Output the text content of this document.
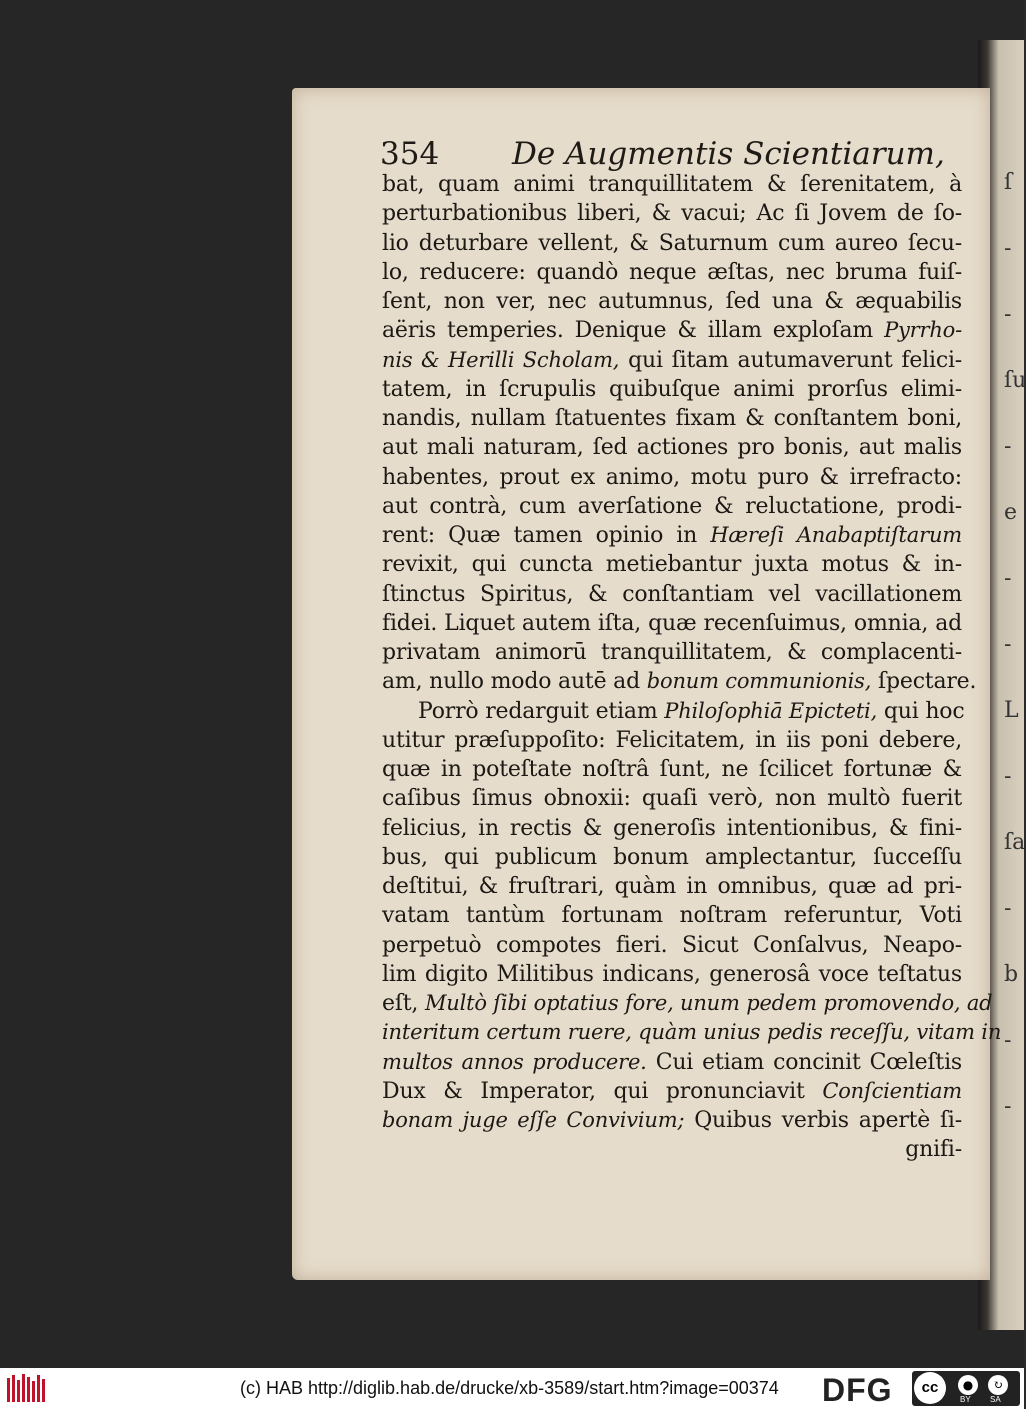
ſ
-
-
ſu
-
e
-
-
L
-
ſa
-
b
-
-
354 De Augmentis Scientiarum,
bat, quam animi tranquillitatem & ſerenitatem, à
perturbationibus liberi, & vacui; Ac ſi Jovem de ſo-
lio deturbare vellent, & Saturnum cum aureo ſecu-
lo, reducere: quandò neque æſtas, nec bruma fuiſ-
ſent, non ver, nec autumnus, ſed una & æquabilis
aëris temperies. Denique & illam exploſam Pyrrho-
nis & Herilli Scholam, qui ſitam autumaverunt felici-
tatem, in ſcrupulis quibuſque animi prorſus elimi-
nandis, nullam ſtatuentes fixam & conſtantem boni,
aut mali naturam, ſed actiones pro bonis, aut malis
habentes, prout ex animo, motu puro & irrefracto:
aut contrà, cum averſatione & reluctatione, prodi-
rent: Quæ tamen opinio in Hæreſi Anabaptiſtarum
revixit, qui cuncta metiebantur juxta motus & in-
ſtinctus Spiritus, & conſtantiam vel vacillationem
fidei. Liquet autem iſta, quæ recenſuimus, omnia, ad
privatam animorū tranquillitatem, & complacenti-
am, nullo modo autē ad bonum communionis, ſpectare.
Porrò redarguit etiam Philoſophiā Epicteti, qui hoc
utitur præſuppoſito: Felicitatem, in iis poni debere,
quæ in poteſtate noſtrâ ſunt, ne ſcilicet fortunæ &
caſibus ſimus obnoxii: quaſi verò, non multò fuerit
felicius, in rectis & generoſis intentionibus, & fini-
bus, qui publicum bonum amplectantur, ſucceſſu
deſtitui, & fruſtrari, quàm in omnibus, quæ ad pri-
vatam tantùm fortunam noſtram referuntur, Voti
perpetuò compotes fieri. Sicut Conſalvus, Neapo-
lim digito Militibus indicans, generosâ voce teſtatus
eſt, Multò ſibi optatius fore, unum pedem promovendo, ad
interitum certum ruere, quàm unius pedis receſſu, vitam in
multos annos producere. Cui etiam concinit Cœleſtis
Dux & Imperator, qui pronunciavit Conſcientiam
bonam juge eſſe Convivium; Quibus verbis apertè ſi-
gnifi-
(c) HAB http://diglib.hab.de/drucke/xb-3589/start.htm?image=00374 DFG	cc	●	↻
BY SA
